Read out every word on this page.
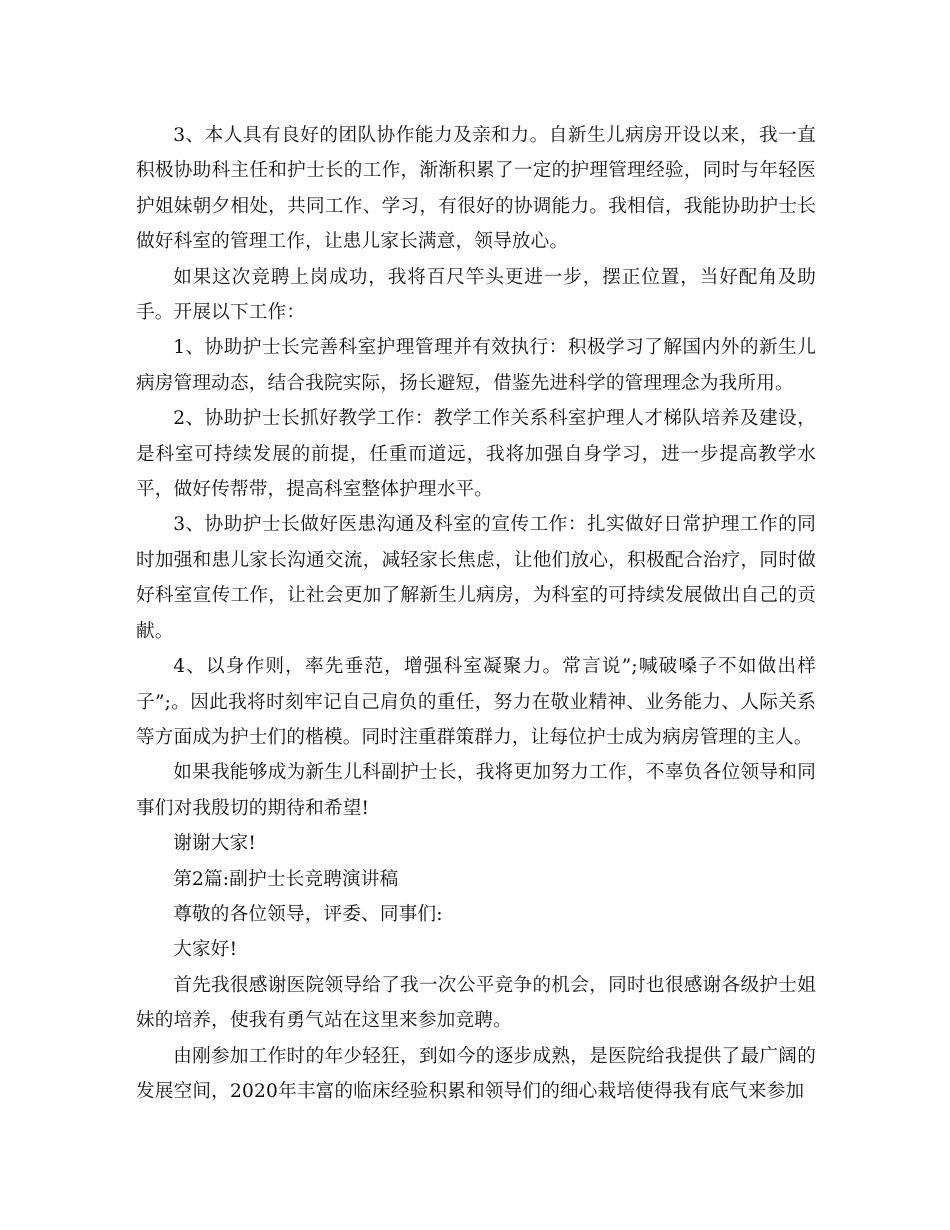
3、本人具有良好的团队协作能力及亲和力。自新生儿病房开设以来，我一直积极协助科主任和护士长的工作，渐渐积累了一定的护理管理经验，同时与年轻医护姐妹朝夕相处，共同工作、学习，有很好的协调能力。我相信，我能协助护士长做好科室的管理工作，让患儿家长满意，领导放心。

如果这次竞聘上岗成功，我将百尺竿头更进一步，摆正位置，当好配角及助手。开展以下工作：

1、协助护士长完善科室护理管理并有效执行：积极学习了解国内外的新生儿病房管理动态，结合我院实际，扬长避短，借鉴先进科学的管理理念为我所用。

2、协助护士长抓好教学工作：教学工作关系科室护理人才梯队培养及建设，是科室可持续发展的前提，任重而道远，我将加强自身学习，进一步提高教学水平，做好传帮带，提高科室整体护理水平。

3、协助护士长做好医患沟通及科室的宣传工作：扎实做好日常护理工作的同时加强和患儿家长沟通交流，减轻家长焦虑，让他们放心，积极配合治疗，同时做好科室宣传工作，让社会更加了解新生儿病房，为科室的可持续发展做出自己的贡献。

4、以身作则，率先垂范，增强科室凝聚力。常言说”;喊破嗓子不如做出样子”;。因此我将时刻牢记自己肩负的重任，努力在敬业精神、业务能力、人际关系等方面成为护士们的楷模。同时注重群策群力，让每位护士成为病房管理的主人。

如果我能够成为新生儿科副护士长，我将更加努力工作，不辜负各位领导和同事们对我殷切的期待和希望!

谢谢大家!

第2篇:副护士长竞聘演讲稿

尊敬的各位领导，评委、同事们:

大家好!

首先我很感谢医院领导给了我一次公平竞争的机会，同时也很感谢各级护士姐妹的培养，使我有勇气站在这里来参加竞聘。

由刚参加工作时的年少轻狂，到如今的逐步成熟，是医院给我提供了最广阔的发展空间，2020年丰富的临床经验积累和领导们的细心栽培使得我有底气来参加
